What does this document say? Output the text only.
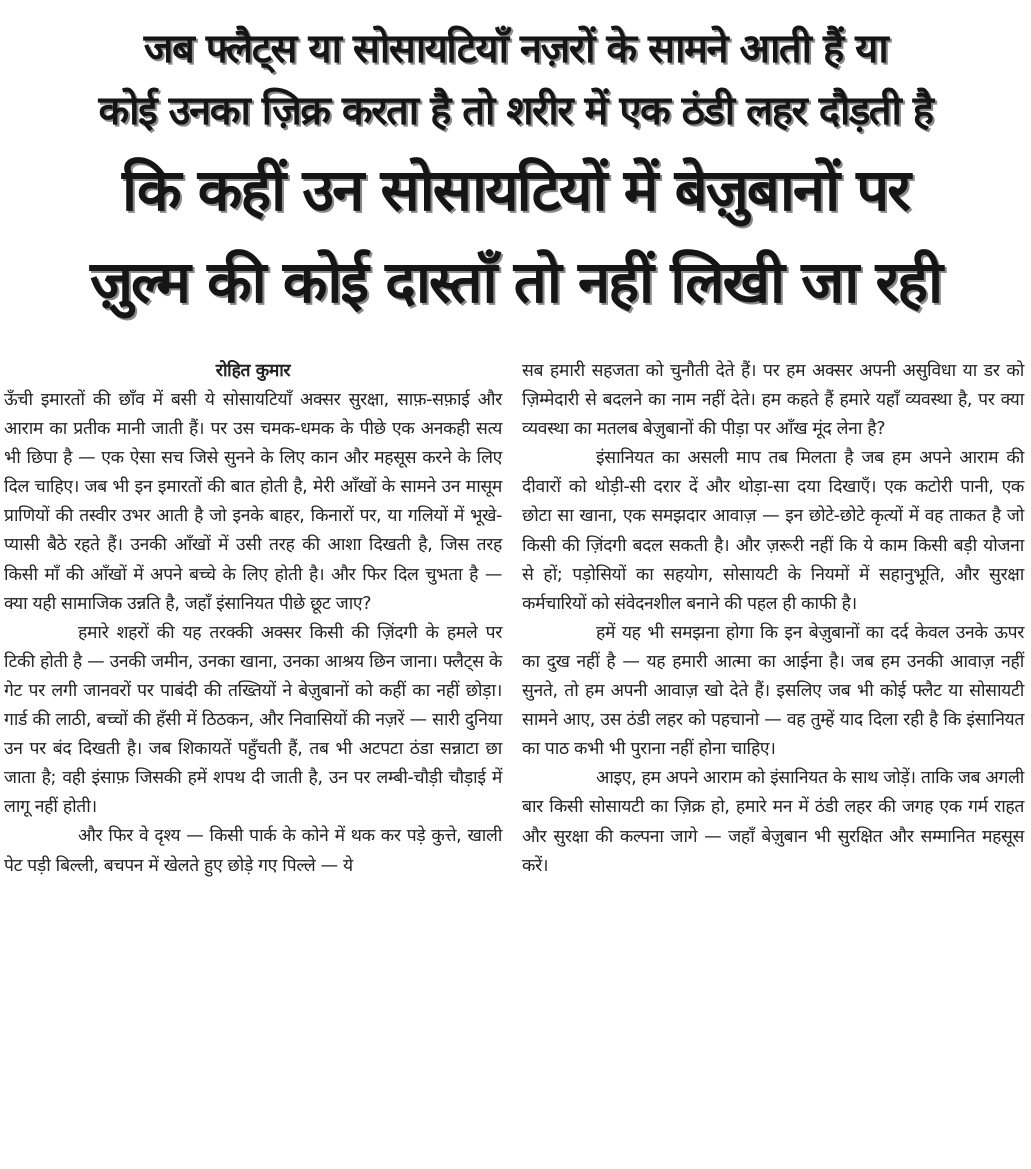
जब फ्लैट्स या सोसायटियाँ नज़रों के सामने आती हैं या
कोई उनका ज़िक्र करता है तो शरीर में एक ठंडी लहर दौड़ती है
कि कहीं उन सोसायटियों में बेज़ुबानों पर
ज़ुल्म की कोई दास्ताँ तो नहीं लिखी जा रही

रोहित कुमार

ऊँची इमारतों की छाँव में बसी ये सोसायटियाँ अक्सर सुरक्षा, साफ़-सफ़ाई और आराम का प्रतीक मानी जाती हैं। पर उस चमक-धमक के पीछे एक अनकही सत्य भी छिपा है — एक ऐसा सच जिसे सुनने के लिए कान और महसूस करने के लिए दिल चाहिए। जब भी इन इमारतों की बात होती है, मेरी आँखों के सामने उन मासूम प्राणियों की तस्वीर उभर आती है जो इनके बाहर, किनारों पर, या गलियों में भूखे-प्यासी बैठे रहते हैं। उनकी आँखों में उसी तरह की आशा दिखती है, जिस तरह किसी माँ की आँखों में अपने बच्चे के लिए होती है। और फिर दिल चुभता है — क्या यही सामाजिक उन्नति है, जहाँ इंसानियत पीछे छूट जाए?

हमारे शहरों की यह तरक्की अक्सर किसी की ज़िंदगी के हमले पर टिकी होती है — उनकी जमीन, उनका खाना, उनका आश्रय छिन जाना। फ्लैट्स के गेट पर लगी जानवरों पर पाबंदी की तख्तियों ने बेज़ुबानों को कहीं का नहीं छोड़ा। गार्ड की लाठी, बच्चों की हँसी में ठिठकन, और निवासियों की नज़रें — सारी दुनिया उन पर बंद दिखती है। जब शिकायतें पहुँचती हैं, तब भी अटपटा ठंडा सन्नाटा छा जाता है; वही इंसाफ़ जिसकी हमें शपथ दी जाती है, उन पर लम्बी-चौड़ी चौड़ाई में लागू नहीं होती।

और फिर वे दृश्य — किसी पार्क के कोने में थक कर पड़े कुत्ते, खाली पेट पड़ी बिल्ली, बचपन में खेलते हुए छोड़े गए पिल्ले — ये

सब हमारी सहजता को चुनौती देते हैं। पर हम अक्सर अपनी असुविधा या डर को ज़िम्मेदारी से बदलने का नाम नहीं देते। हम कहते हैं हमारे यहाँ व्यवस्था है, पर क्या व्यवस्था का मतलब बेज़ुबानों की पीड़ा पर आँख मूंद लेना है?

इंसानियत का असली माप तब मिलता है जब हम अपने आराम की दीवारों को थोड़ी-सी दरार दें और थोड़ा-सा दया दिखाएँ। एक कटोरी पानी, एक छोटा सा खाना, एक समझदार आवाज़ — इन छोटे-छोटे कृत्यों में वह ताकत है जो किसी की ज़िंदगी बदल सकती है। और ज़रूरी नहीं कि ये काम किसी बड़ी योजना से हों; पड़ोसियों का सहयोग, सोसायटी के नियमों में सहानुभूति, और सुरक्षा कर्मचारियों को संवेदनशील बनाने की पहल ही काफी है।

हमें यह भी समझना होगा कि इन बेज़ुबानों का दर्द केवल उनके ऊपर का दुख नहीं है — यह हमारी आत्मा का आईना है। जब हम उनकी आवाज़ नहीं सुनते, तो हम अपनी आवाज़ खो देते हैं। इसलिए जब भी कोई फ्लैट या सोसायटी सामने आए, उस ठंडी लहर को पहचानो — वह तुम्हें याद दिला रही है कि इंसानियत का पाठ कभी भी पुराना नहीं होना चाहिए।

आइए, हम अपने आराम को इंसानियत के साथ जोड़ें। ताकि जब अगली बार किसी सोसायटी का ज़िक्र हो, हमारे मन में ठंडी लहर की जगह एक गर्म राहत और सुरक्षा की कल्पना जागे — जहाँ बेज़ुबान भी सुरक्षित और सम्मानित महसूस करें।
